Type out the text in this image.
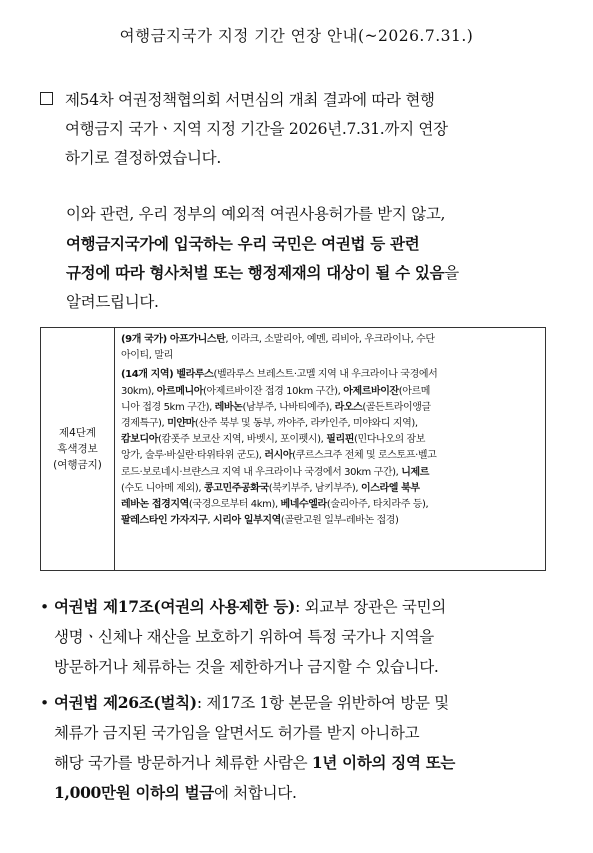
여행금지국가 지정 기간 연장 안내(~2026.7.31.)
제54차 여권정책협의회 서면심의 개최 결과에 따라 현행
여행금지 국가ㆍ지역 지정 기간을 2026년.7.31.까지 연장
하기로 결정하였습니다.
이와 관련, 우리 정부의 예외적 여권사용허가를 받지 않고,
여행금지국가에 입국하는 우리 국민은 여권법 등 관련
규정에 따라 형사처벌 또는 행정제재의 대상이 될 수 있음을
알려드립니다.
제4단계
흑색경보
(여행금지)
(9개 국가) 아프가니스탄, 이라크, 소말리아, 예멘, 리비아, 우크라이나, 수단
아이티, 말리
(14개 지역) 벨라루스(벨라루스 브레스트·고멜 지역 내 우크라이나 국경에서
30km), 아르메니아(아제르바이잔 접경 10km 구간), 아제르바이잔(아르메
니아 접경 5km 구간), 레바논(남부주, 나바티예주), 라오스(골든트라이앵글
경제특구), 미얀마(산주 북부 및 동부, 까야주, 라카인주, 미야와디 지역),
캄보디아(캄폿주 보코산 지역, 바벳시, 포이펫시), 필리핀(민다나오의 잠보
앙가, 술루·바실란·타위타위 군도), 러시아(쿠르스크주 전체 및 로스토프·벨고
로드·보로네시·브랸스크 지역 내 우크라이나 국경에서 30km 구간), 니제르
(수도 니아메 제외), 콩고민주공화국(북키부주, 남키부주), 이스라엘 북부
레바논 접경지역(국경으로부터 4km), 베네수엘라(술리아주, 타치라주 등),
팔레스타인 가자지구, 시리아 일부지역(골란고원 일부-레바논 접경)
• 여권법 제17조(여권의 사용제한 등): 외교부 장관은 국민의
생명ㆍ신체나 재산을 보호하기 위하여 특정 국가나 지역을
방문하거나 체류하는 것을 제한하거나 금지할 수 있습니다.
• 여권법 제26조(벌칙): 제17조 1항 본문을 위반하여 방문 및
체류가 금지된 국가임을 알면서도 허가를 받지 아니하고
해당 국가를 방문하거나 체류한 사람은 1년 이하의 징역 또는
1,000만원 이하의 벌금에 처합니다.
